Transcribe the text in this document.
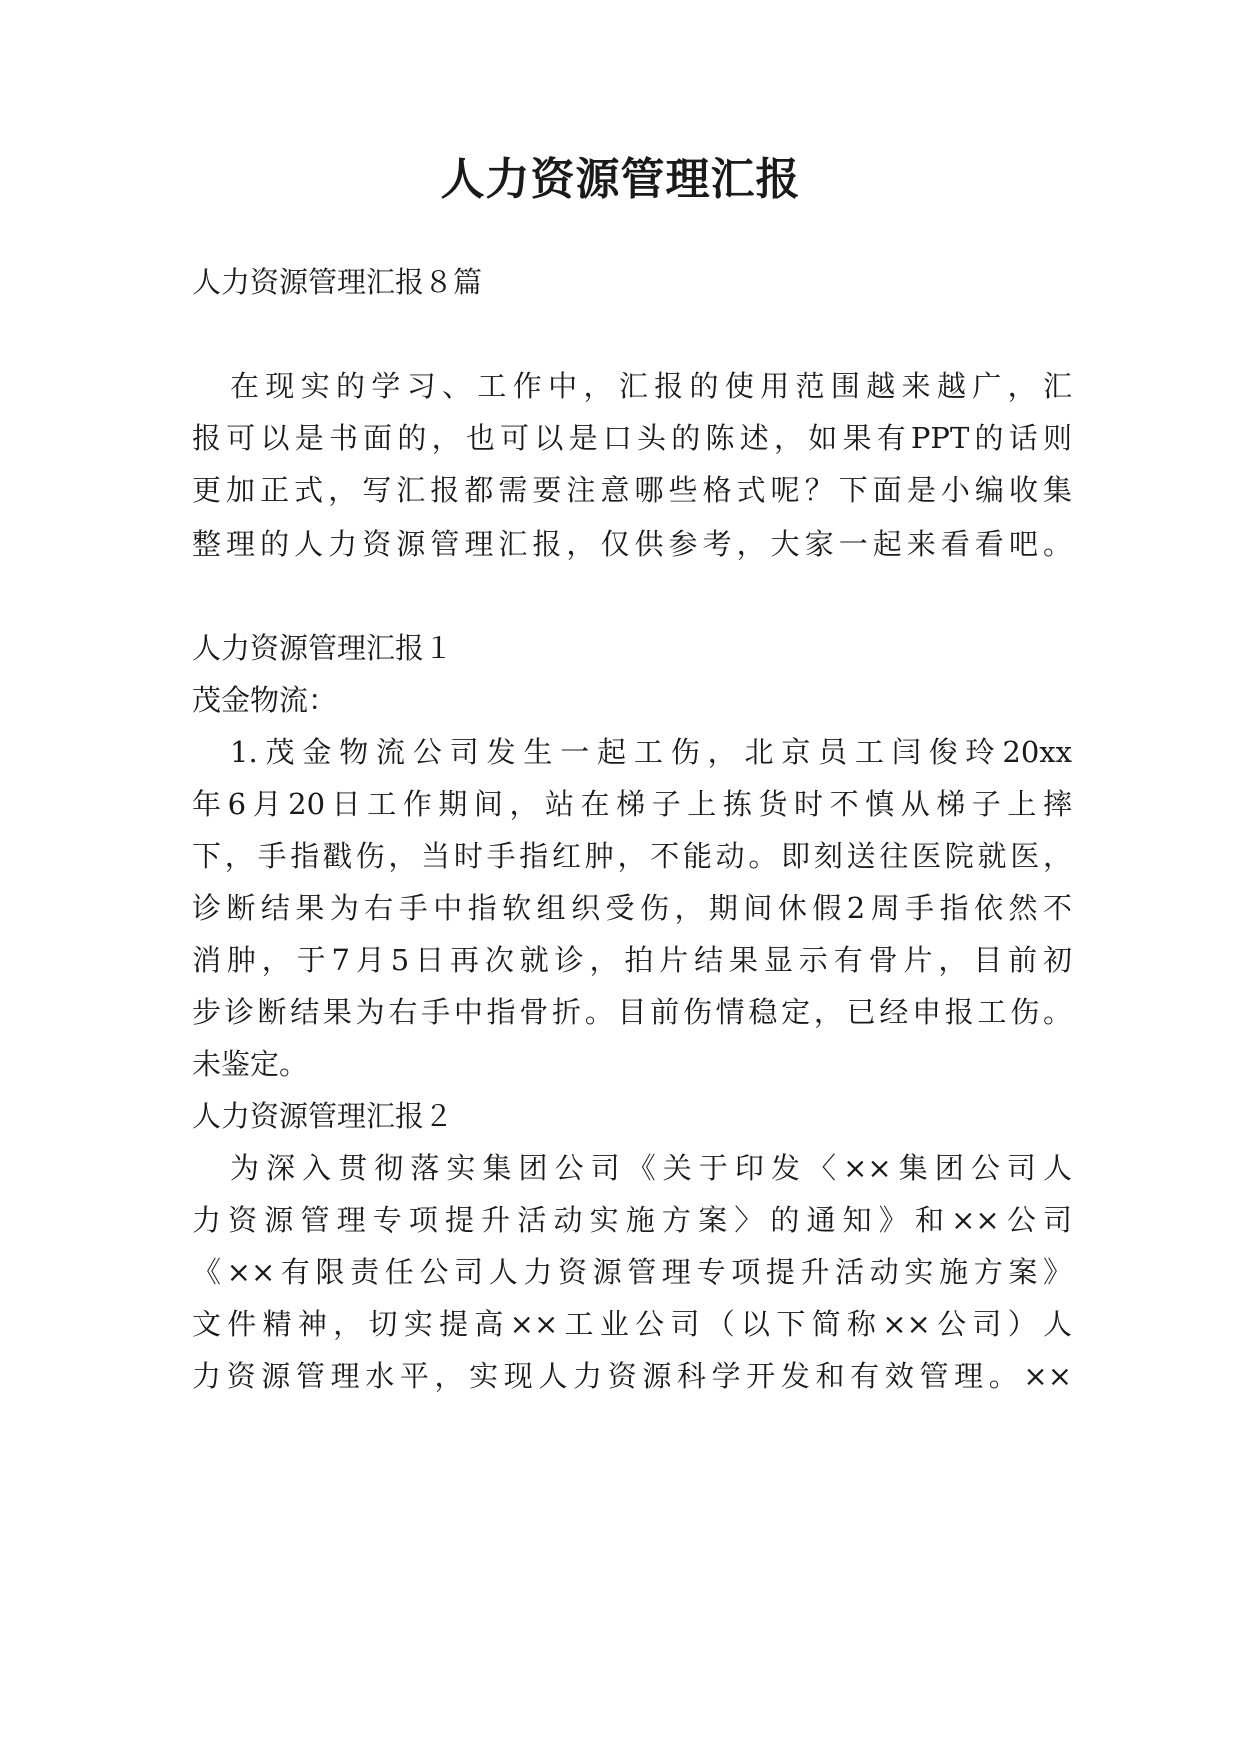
人力资源管理汇报

人力资源管理汇报８篇

在现实的学习、工作中，汇报的使用范围越来越广，汇

报可以是书面的，也可以是口头的陈述，如果有PPT的话则

更加正式，写汇报都需要注意哪些格式呢？下面是小编收集

整理的人力资源管理汇报，仅供参考，大家一起来看看吧。

人力资源管理汇报１

茂金物流：

1.茂金物流公司发生一起工伤，北京员工闫俊玲20xx

年6月20日工作期间，站在梯子上拣货时不慎从梯子上摔

下，手指戳伤，当时手指红肿，不能动。即刻送往医院就医，

诊断结果为右手中指软组织受伤，期间休假2周手指依然不

消肿，于7月5日再次就诊，拍片结果显示有骨片，目前初

步诊断结果为右手中指骨折。目前伤情稳定，已经申报工伤。

未鉴定。

人力资源管理汇报２

为深入贯彻落实集团公司《关于印发〈××集团公司人

力资源管理专项提升活动实施方案〉的通知》和××公司

《××有限责任公司人力资源管理专项提升活动实施方案》

文件精神，切实提高××工业公司（以下简称××公司）人

力资源管理水平，实现人力资源科学开发和有效管理。××
